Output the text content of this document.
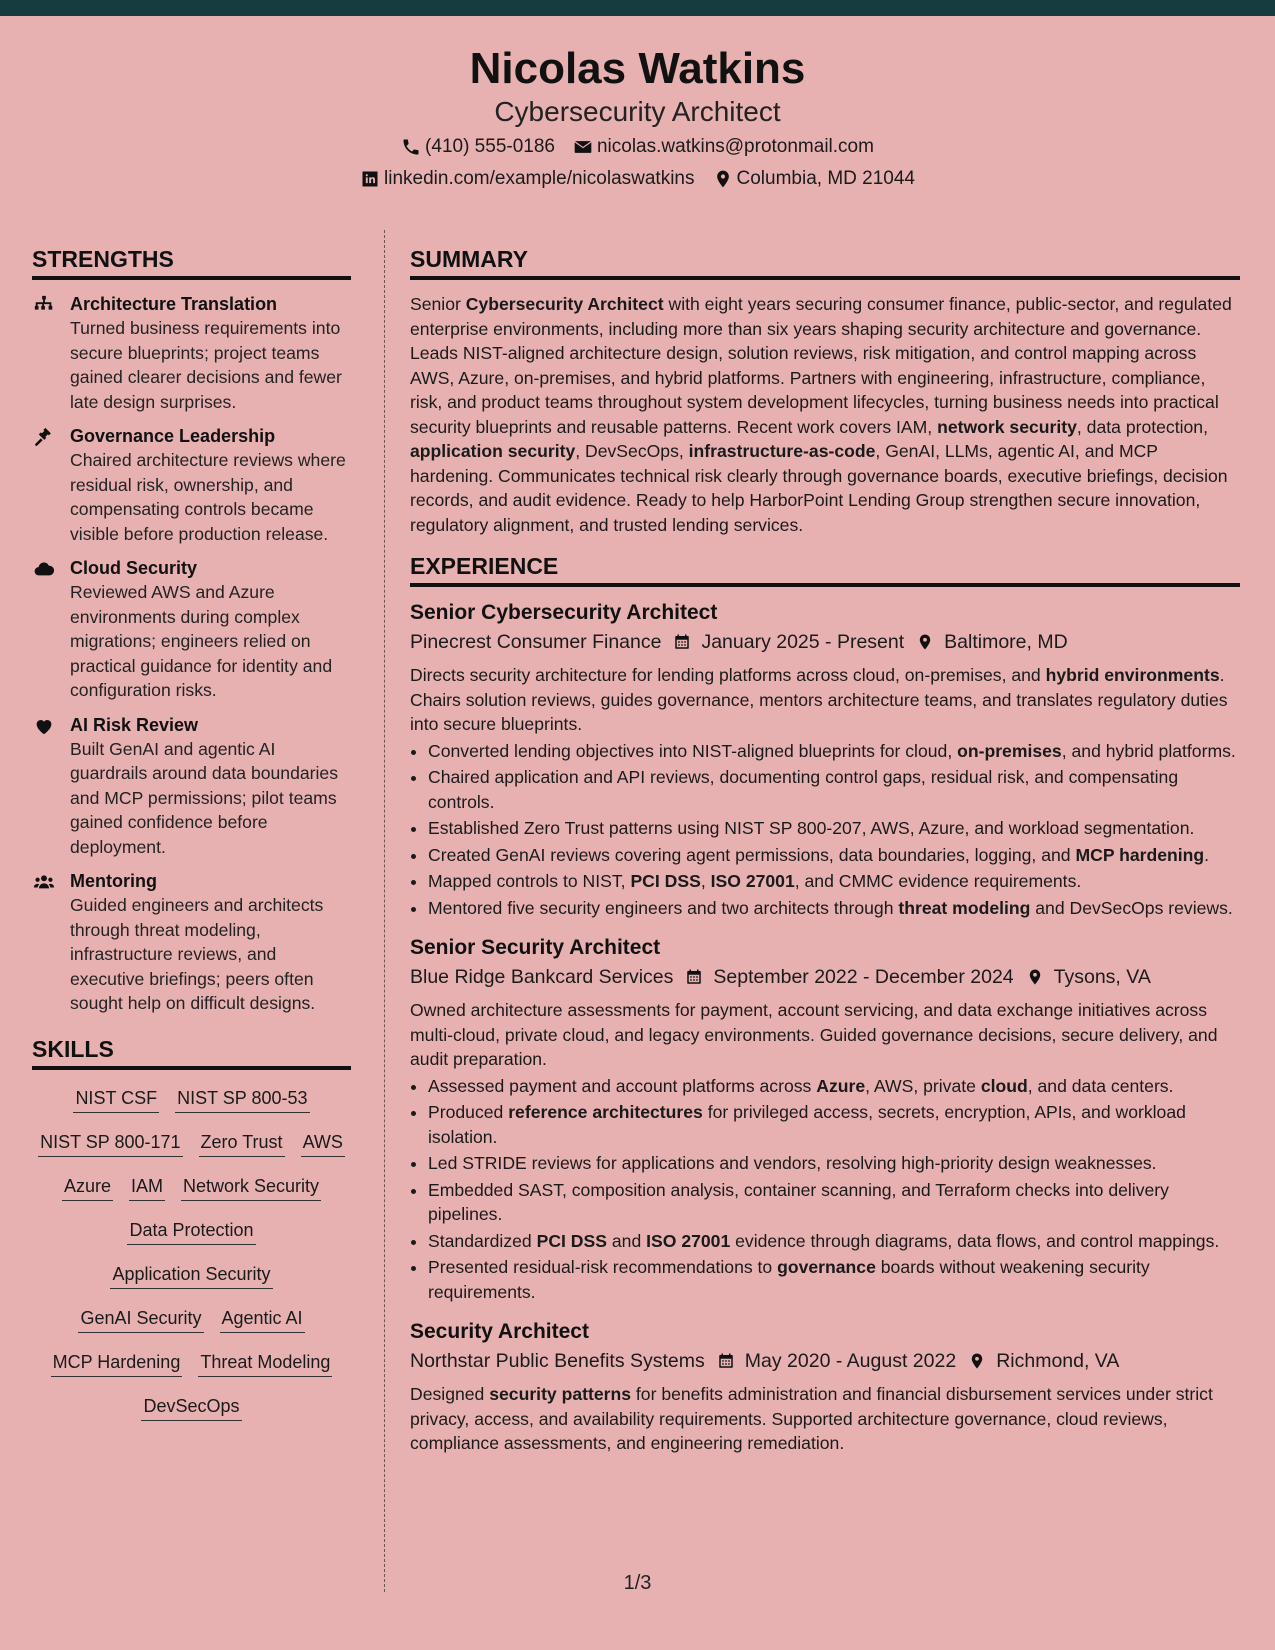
Nicolas Watkins
Cybersecurity Architect
(410) 555-0186 nicolas.watkins@protonmail.com
linkedin.com/example/nicolaswatkins Columbia, MD 21044
STRENGTHS
Architecture Translation
Turned business requirements into secure blueprints; project teams gained clearer decisions and fewer late design surprises.
Governance Leadership
Chaired architecture reviews where residual risk, ownership, and compensating controls became visible before production release.
Cloud Security
Reviewed AWS and Azure environments during complex migrations; engineers relied on practical guidance for identity and configuration risks.
AI Risk Review
Built GenAI and agentic AI guardrails around data boundaries and MCP permissions; pilot teams gained confidence before deployment.
Mentoring
Guided engineers and architects through threat modeling, infrastructure reviews, and executive briefings; peers often sought help on difficult designs.
SKILLS
NIST CSF NIST SP 800-53
NIST SP 800-171 Zero Trust AWS
Azure IAM Network Security
Data Protection
Application Security
GenAI Security Agentic AI
MCP Hardening Threat Modeling
DevSecOps
SUMMARY

Senior Cybersecurity Architect with eight years securing consumer finance, public-sector, and regulated enterprise environments, including more than six years shaping security architecture and governance. Leads NIST-aligned architecture design, solution reviews, risk mitigation, and control mapping across AWS, Azure, on-premises, and hybrid platforms. Partners with engineering, infrastructure, compliance, risk, and product teams throughout system development lifecycles, turning business needs into practical security blueprints and reusable patterns. Recent work covers IAM, network security, data protection, application security, DevSecOps, infrastructure-as-code, GenAI, LLMs, agentic AI, and MCP hardening. Communicates technical risk clearly through governance boards, executive briefings, decision records, and audit evidence. Ready to help HarborPoint Lending Group strengthen secure innovation, regulatory alignment, and trusted lending services.

EXPERIENCE
Senior Cybersecurity Architect
Pinecrest Consumer Finance January 2025 - Present Baltimore, MD

Directs security architecture for lending platforms across cloud, on-premises, and hybrid environments. Chairs solution reviews, guides governance, mentors architecture teams, and translates regulatory duties into secure blueprints.

• Converted lending objectives into NIST-aligned blueprints for cloud, on-premises, and hybrid platforms.
• Chaired application and API reviews, documenting control gaps, residual risk, and compensating controls.
• Established Zero Trust patterns using NIST SP 800-207, AWS, Azure, and workload segmentation.
• Created GenAI reviews covering agent permissions, data boundaries, logging, and MCP hardening.
• Mapped controls to NIST, PCI DSS, ISO 27001, and CMMC evidence requirements.
• Mentored five security engineers and two architects through threat modeling and DevSecOps reviews.
Senior Security Architect
Blue Ridge Bankcard Services September 2022 - December 2024 Tysons, VA

Owned architecture assessments for payment, account servicing, and data exchange initiatives across multi-cloud, private cloud, and legacy environments. Guided governance decisions, secure delivery, and audit preparation.

• Assessed payment and account platforms across Azure, AWS, private cloud, and data centers.
• Produced reference architectures for privileged access, secrets, encryption, APIs, and workload isolation.
• Led STRIDE reviews for applications and vendors, resolving high-priority design weaknesses.
• Embedded SAST, composition analysis, container scanning, and Terraform checks into delivery pipelines.
• Standardized PCI DSS and ISO 27001 evidence through diagrams, data flows, and control mappings.
• Presented residual-risk recommendations to governance boards without weakening security requirements.
Security Architect
Northstar Public Benefits Systems May 2020 - August 2022 Richmond, VA

Designed security patterns for benefits administration and financial disbursement services under strict privacy, access, and availability requirements. Supported architecture governance, cloud reviews, compliance assessments, and engineering remediation.

1/3
